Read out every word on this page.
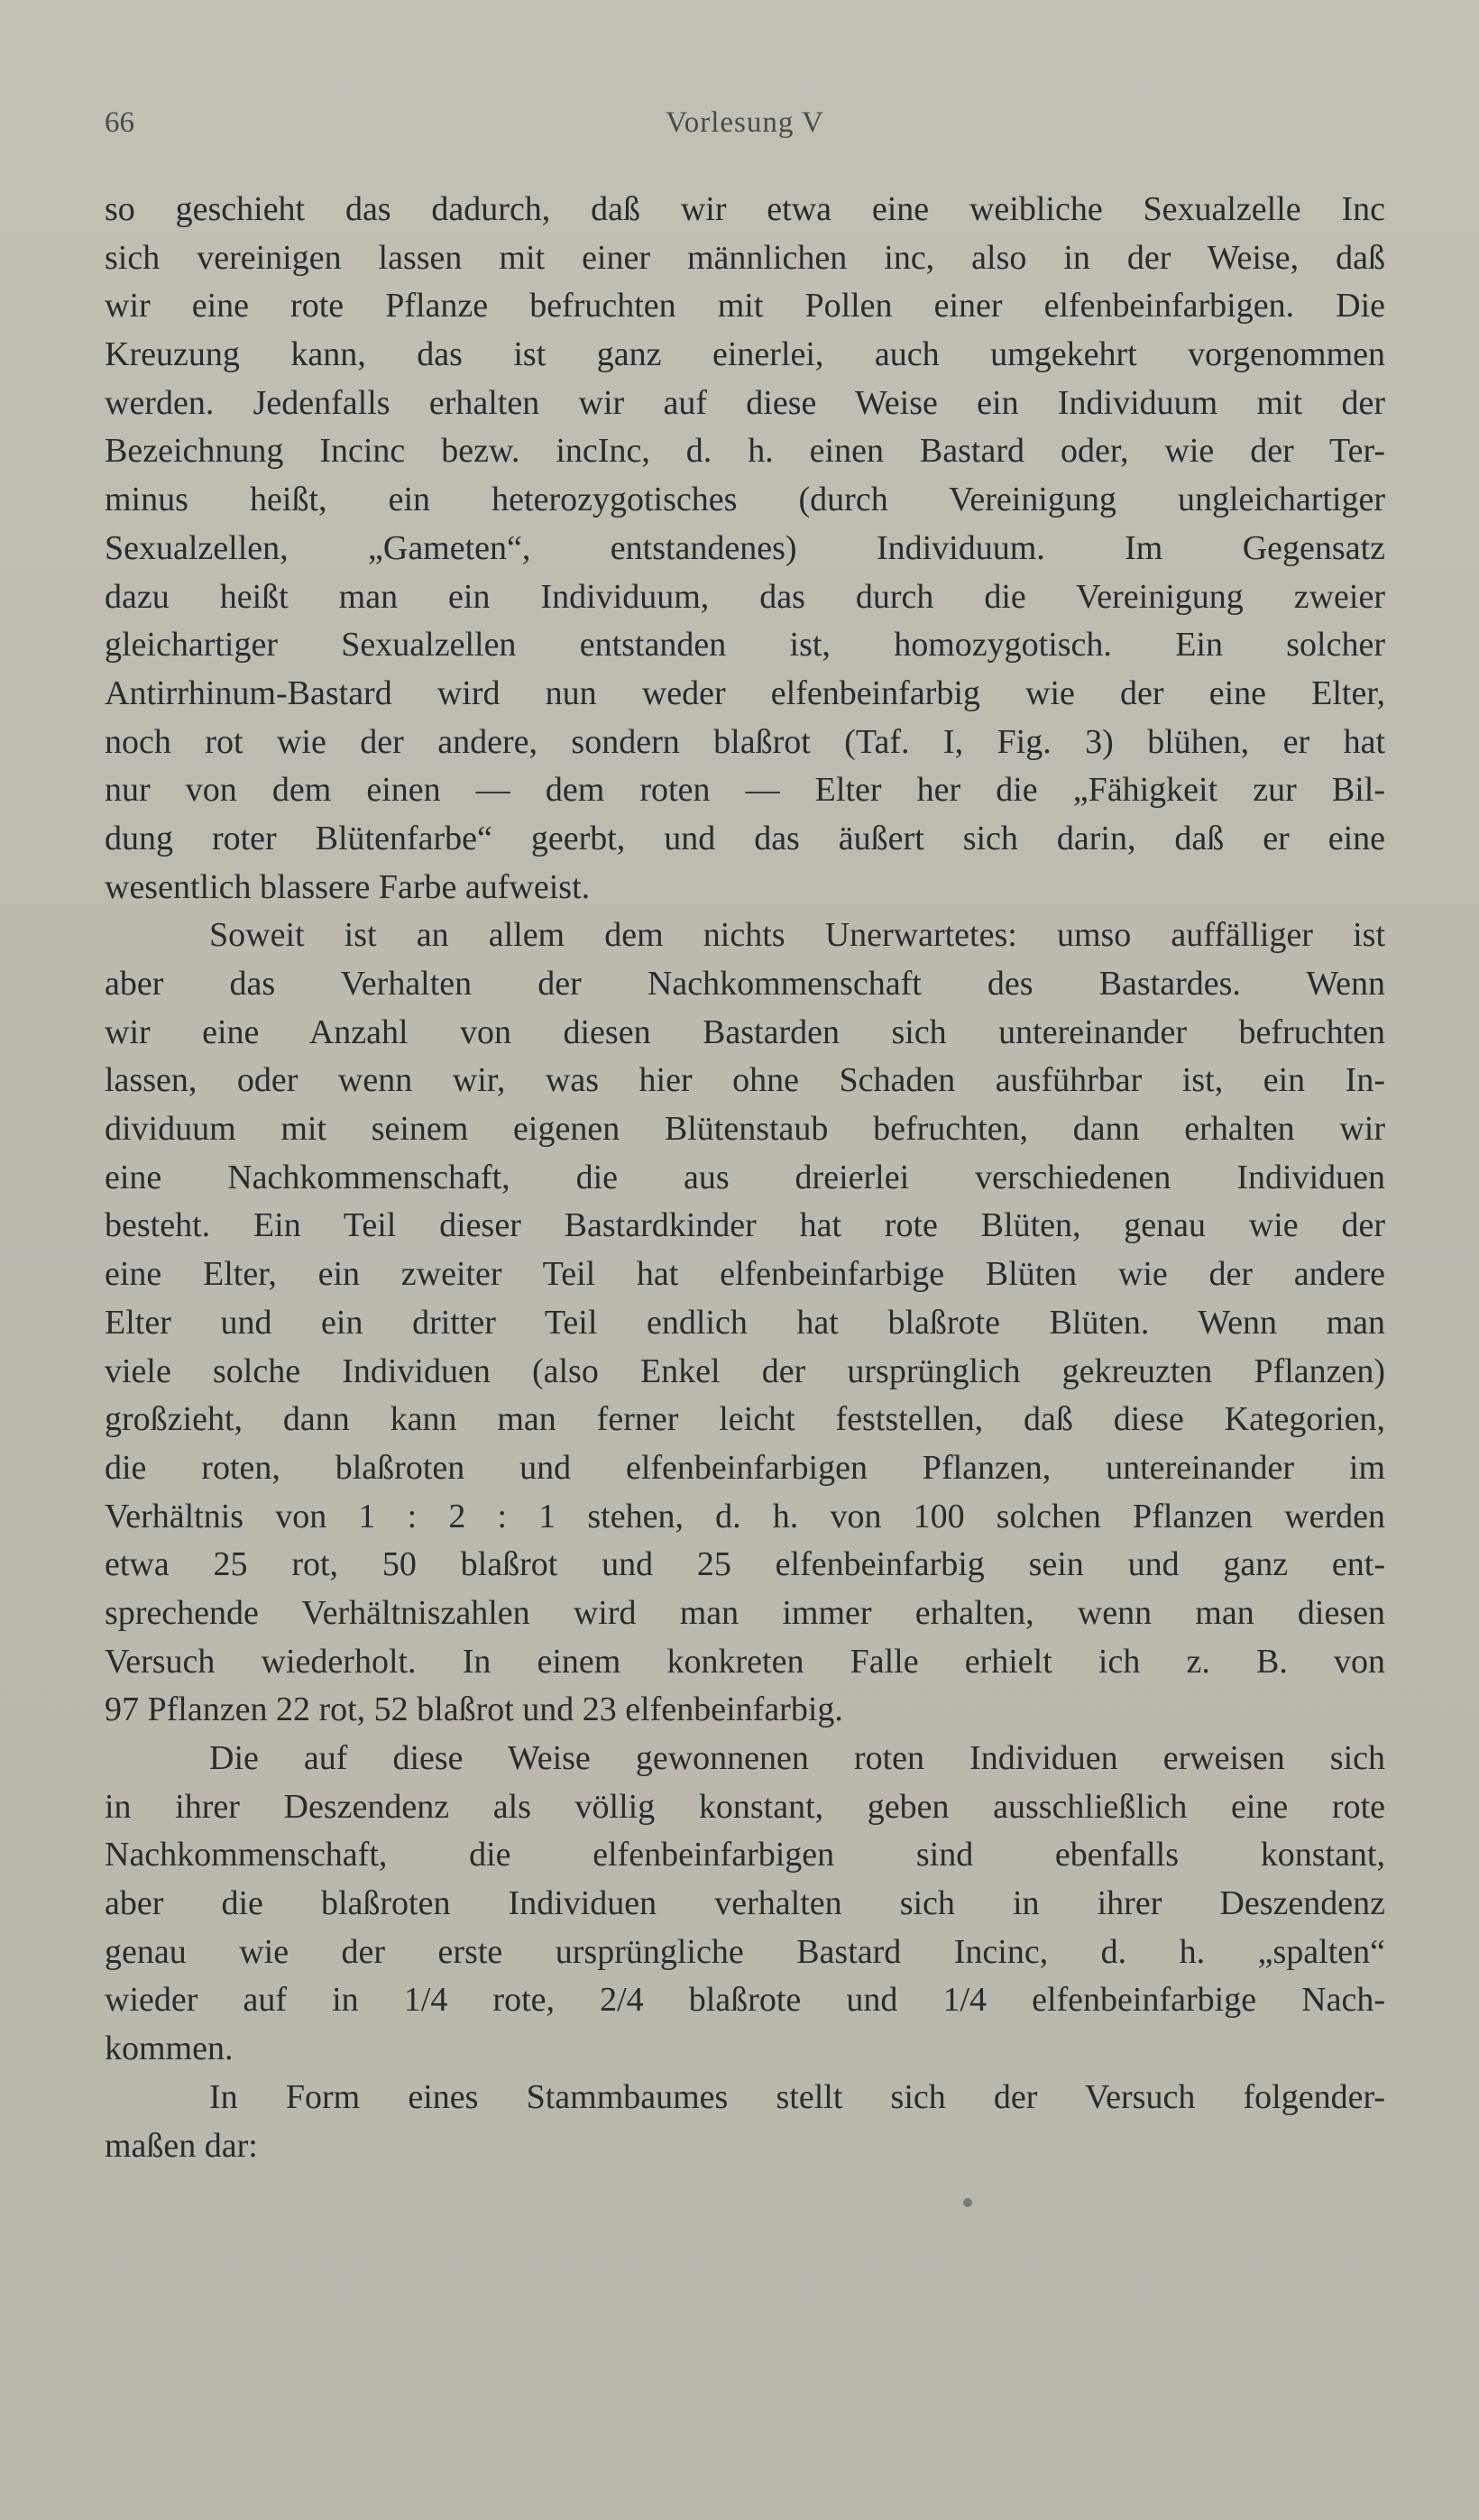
66	Vorlesung V
so geschieht das dadurch, daß wir etwa eine weibliche Sexualzelle Inc
sich vereinigen lassen mit einer männlichen inc, also in der Weise, daß
wir eine rote Pflanze befruchten mit Pollen einer elfenbeinfarbigen. Die
Kreuzung kann, das ist ganz einerlei, auch umgekehrt vorgenommen
werden. Jedenfalls erhalten wir auf diese Weise ein Individuum mit der
Bezeichnung Incinc bezw. incInc, d. h. einen Bastard oder, wie der Ter-
minus heißt, ein heterozygotisches (durch Vereinigung ungleichartiger
Sexualzellen, „Gameten“, entstandenes) Individuum. Im Gegensatz
dazu heißt man ein Individuum, das durch die Vereinigung zweier
gleichartiger Sexualzellen entstanden ist, homozygotisch. Ein solcher
Antirrhinum-Bastard wird nun weder elfenbeinfarbig wie der eine Elter,
noch rot wie der andere, sondern blaßrot (Taf. I, Fig. 3) blühen, er hat
nur von dem einen — dem roten — Elter her die „Fähigkeit zur Bil-
dung roter Blütenfarbe“ geerbt, und das äußert sich darin, daß er eine
wesentlich blassere Farbe aufweist.
Soweit ist an allem dem nichts Unerwartetes: umso auffälliger ist
aber das Verhalten der Nachkommenschaft des Bastardes. Wenn
wir eine Anzahl von diesen Bastarden sich untereinander befruchten
lassen, oder wenn wir, was hier ohne Schaden ausführbar ist, ein In-
dividuum mit seinem eigenen Blütenstaub befruchten, dann erhalten wir
eine Nachkommenschaft, die aus dreierlei verschiedenen Individuen
besteht. Ein Teil dieser Bastardkinder hat rote Blüten, genau wie der
eine Elter, ein zweiter Teil hat elfenbeinfarbige Blüten wie der andere
Elter und ein dritter Teil endlich hat blaßrote Blüten. Wenn man
viele solche Individuen (also Enkel der ursprünglich gekreuzten Pflanzen)
großzieht, dann kann man ferner leicht feststellen, daß diese Kategorien,
die roten, blaßroten und elfenbeinfarbigen Pflanzen, untereinander im
Verhältnis von 1 : 2 : 1 stehen, d. h. von 100 solchen Pflanzen werden
etwa 25 rot, 50 blaßrot und 25 elfenbeinfarbig sein und ganz ent-
sprechende Verhältniszahlen wird man immer erhalten, wenn man diesen
Versuch wiederholt. In einem konkreten Falle erhielt ich z. B. von
97 Pflanzen 22 rot, 52 blaßrot und 23 elfenbeinfarbig.
Die auf diese Weise gewonnenen roten Individuen erweisen sich
in ihrer Deszendenz als völlig konstant, geben ausschließlich eine rote
Nachkommenschaft, die elfenbeinfarbigen sind ebenfalls konstant,
aber die blaßroten Individuen verhalten sich in ihrer Deszendenz
genau wie der erste ursprüngliche Bastard Incinc, d. h. „spalten“
wieder auf in 1/4 rote, 2/4 blaßrote und 1/4 elfenbeinfarbige Nach-
kommen.
In Form eines Stammbaumes stellt sich der Versuch folgender-
maßen dar:
